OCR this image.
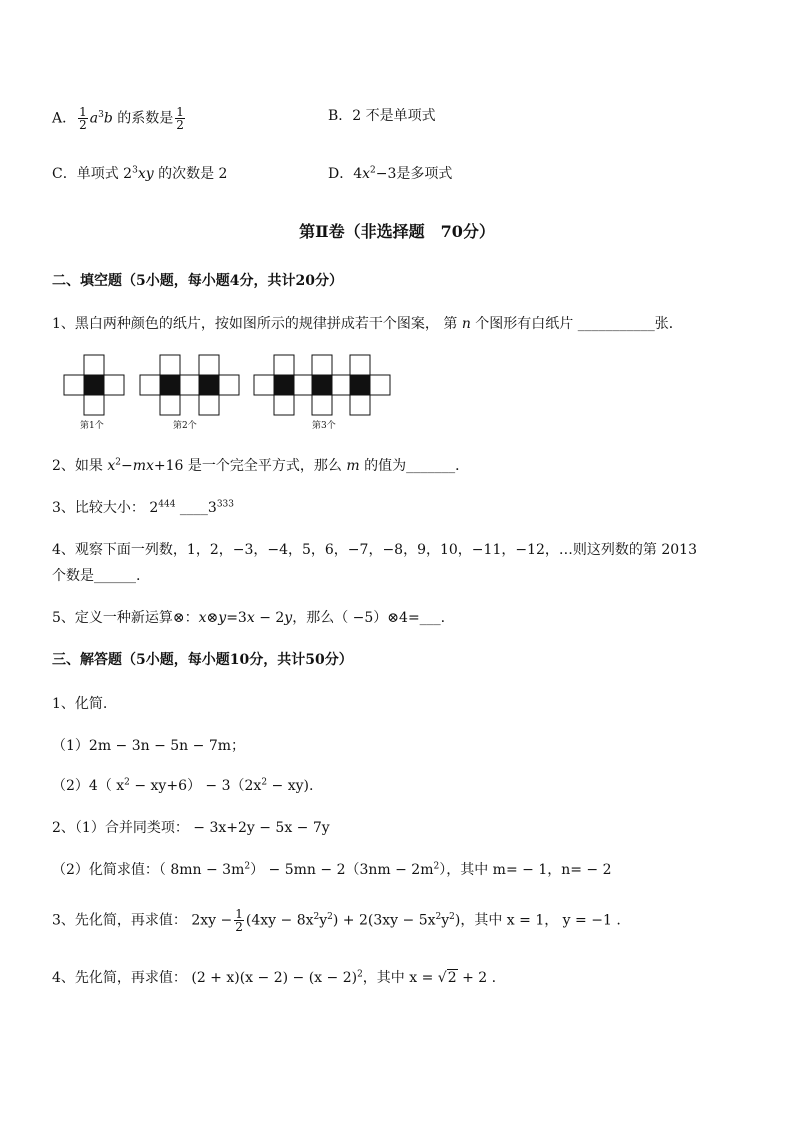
A． $\frac{1}{2} a^3b$ 的系数是 $\frac{1}{2}$	B．2 不是单项式
C．单项式 $2^3xy$ 的次数是 2	D．$4x^2-3$是多项式
第Ⅱ卷（非选择题　70分）
二、填空题（5小题，每小题4分，共计20分）
1、黑白两种颜色的纸片，按如图所示的规律拼成若干个图案， 第 n 个图形有白纸片 ___________张．
第1个	第2个	第3个
2、如果 $x^2-mx+16$ 是一个完全平方式，那么 m 的值为_______．
3、比较大小： $2^{444}$ $\_\_\_\_3^{333}$
4、观察下面一列数，1，2，−3，−4，5，6，−7，−8，9，10，−11，−12，…则这列数的第 2013
个数是______.
5、定义一种新运算⊗：x⊗y=3x − 2y，那么（ −5）⊗4=___.
三、解答题（5小题，每小题10分，共计50分）
1、化简.
（1）2m − 3n − 5n − 7m；
（2）4（ $x^2 - xy+6) - 3(2x^2 - xy)$.
2、（1）合并同类项： − 3x+2y − 5x − 7y
（2）化简求值：（ $8mn - 3m^2) - 5mn - 2(3nm - 2m^2)$，其中 m= − 1，n= − 2
3、先化简，再求值： $2xy - \frac{1}{2} (4xy - 8x^2y^2) + 2(3xy - 5x^2y^2)$，其中 x = 1， y = −1 .
4、先化简，再求值： $(2 + x)(x - 2) - (x - 2)^2$，其中 x = √2 + 2 .
